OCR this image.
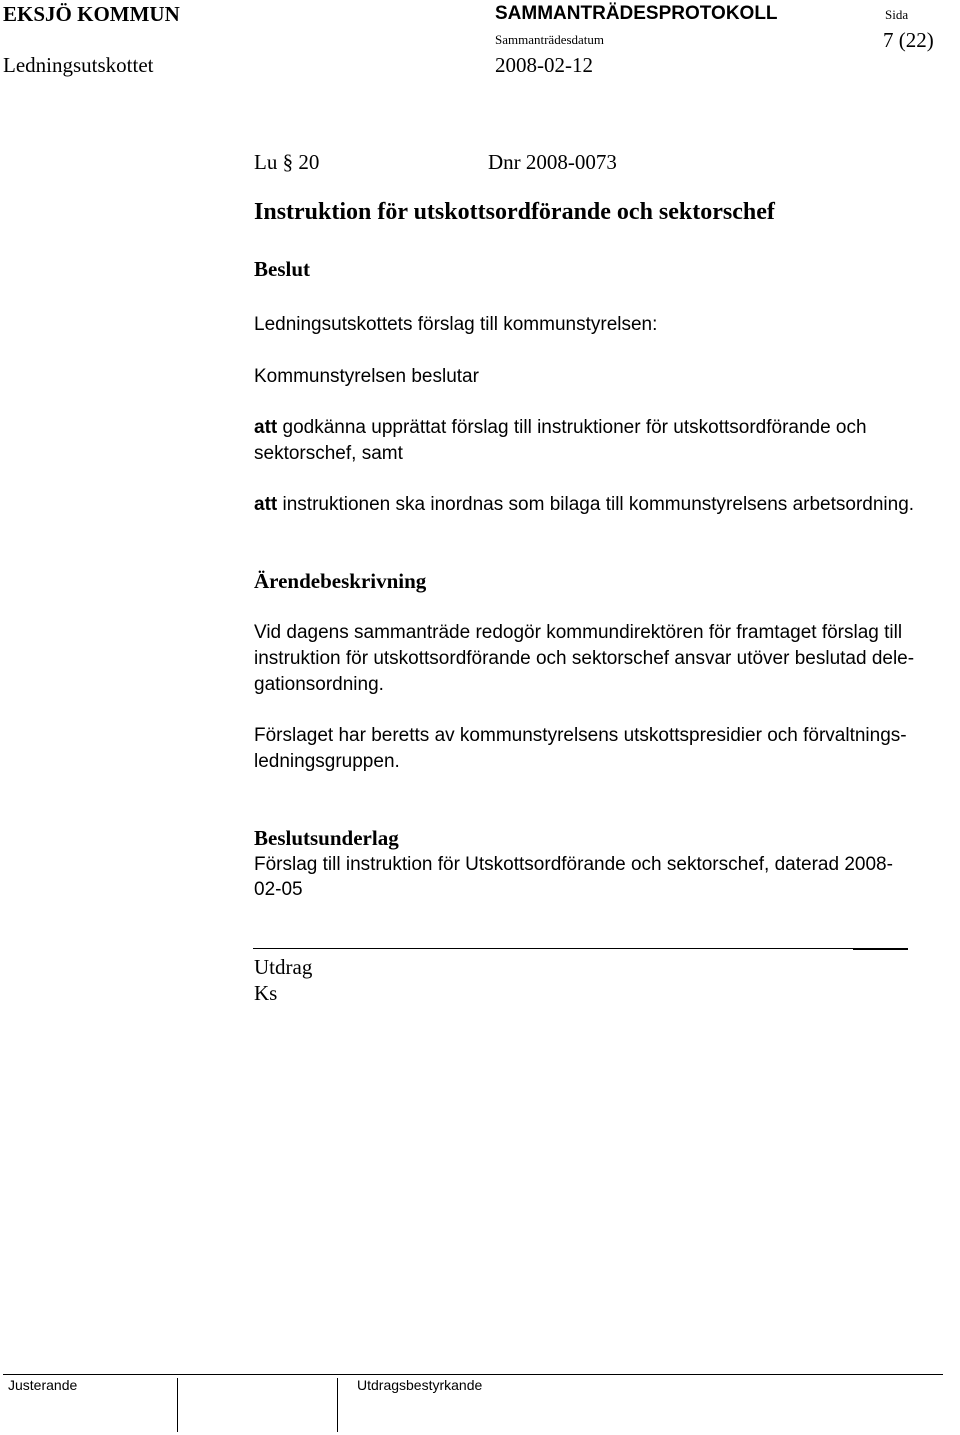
EKSJÖ KOMMUN	SAMMANTRÄDESPROTOKOLL	Sida
Ledningsutskottet
Sammanträdesdatum
2008-02-12
7 (22)
Lu § 20	Dnr 2008-0073
Instruktion för utskottsordförande och sektorschef
Beslut
Ledningsutskottets förslag till kommunstyrelsen:
Kommunstyrelsen beslutar
att godkänna upprättat förslag till instruktioner för utskottsordförande och
sektorschef, samt
att instruktionen ska inordnas som bilaga till kommunstyrelsens arbetsordning.
Ärendebeskrivning
Vid dagens sammanträde redogör kommundirektören för framtaget förslag till
instruktion för utskottsordförande och sektorschef ansvar utöver beslutad dele-
gationsordning.
Förslaget har beretts av kommunstyrelsens utskottspresidier och förvaltnings-
ledningsgruppen.
Beslutsunderlag
Förslag till instruktion för Utskottsordförande och sektorschef, daterad 2008-
02-05
Utdrag
Ks
Justerande	Utdragsbestyrkande
